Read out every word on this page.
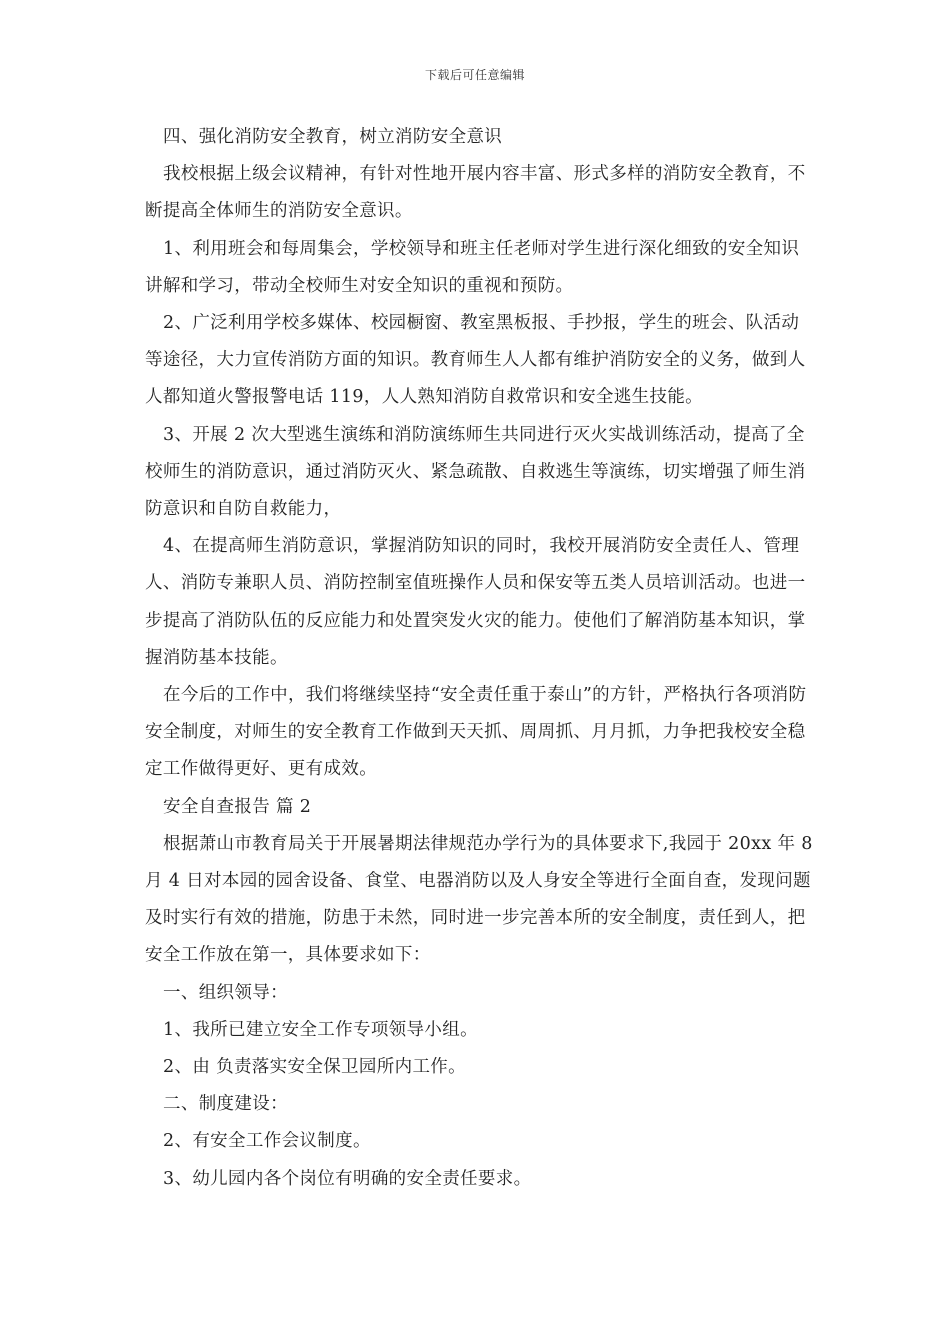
下载后可任意编辑

四、强化消防安全教育，树立消防安全意识

我校根据上级会议精神，有针对性地开展内容丰富、形式多样的消防安全教育，不断提高全体师生的消防安全意识。

1、利用班会和每周集会，学校领导和班主任老师对学生进行深化细致的安全知识讲解和学习，带动全校师生对安全知识的重视和预防。

2、广泛利用学校多媒体、校园橱窗、教室黑板报、手抄报，学生的班会、队活动等途径，大力宣传消防方面的知识。教育师生人人都有维护消防安全的义务，做到人人都知道火警报警电话 119，人人熟知消防自救常识和安全逃生技能。

3、开展 2 次大型逃生演练和消防演练师生共同进行灭火实战训练活动，提高了全校师生的消防意识，通过消防灭火、紧急疏散、自救逃生等演练，切实增强了师生消防意识和自防自救能力，

4、在提高师生消防意识，掌握消防知识的同时，我校开展消防安全责任人、管理人、消防专兼职人员、消防控制室值班操作人员和保安等五类人员培训活动。也进一步提高了消防队伍的反应能力和处置突发火灾的能力。使他们了解消防基本知识，掌握消防基本技能。

在今后的工作中，我们将继续坚持“安全责任重于泰山”的方针，严格执行各项消防安全制度，对师生的安全教育工作做到天天抓、周周抓、月月抓，力争把我校安全稳定工作做得更好、更有成效。

安全自查报告 篇 2

根据萧山市教育局关于开展暑期法律规范办学行为的具体要求下,我园于 20xx 年 8 月 4 日对本园的园舍设备、食堂、电器消防以及人身安全等进行全面自查，发现问题及时实行有效的措施，防患于未然，同时进一步完善本所的安全制度，责任到人，把安全工作放在第一，具体要求如下：

一、组织领导：

1、我所已建立安全工作专项领导小组。

2、由 负责落实安全保卫园所内工作。

二、制度建设：

2、有安全工作会议制度。

3、幼儿园内各个岗位有明确的安全责任要求。
